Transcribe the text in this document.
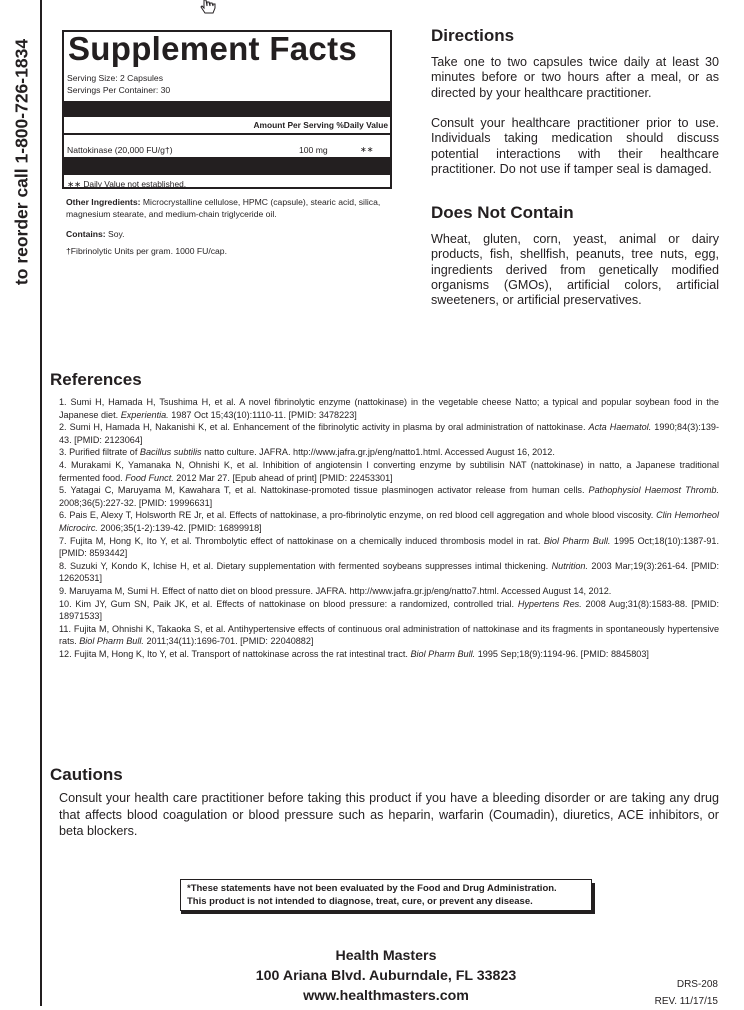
to reorder call 1-800-726-1834 Supplement Facts
Serving Size: 2 Capsules
Servings Per Container: 30
Amount Per Serving %Daily Value
Nattokinase (20,000 FU/g†)	100 mg	∗∗
∗∗ Daily Value not established.
Other Ingredients: Microcrystalline cellulose, HPMC (capsule), stearic acid, silica, magnesium stearate, and medium-chain triglyceride oil.
Contains: Soy.
†Fibrinolytic Units per gram. 1000 FU/cap.
Directions

Take one to two capsules twice daily at least 30 minutes before or two hours after a meal, or as directed by your healthcare practitioner.

Consult your healthcare practitioner prior to use. Individuals taking medication should discuss potential interactions with their healthcare practitioner. Do not use if tamper seal is damaged.

Does Not Contain

Wheat, gluten, corn, yeast, animal or dairy products, fish, shellfish, peanuts, tree nuts, egg, ingredients derived from genetically modified organisms (GMOs), artificial colors, artificial sweeteners, or artificial preservatives.

References

1. Sumi H, Hamada H, Tsushima H, et al. A novel fibrinolytic enzyme (nattokinase) in the vegetable cheese Natto; a typical and popular soybean food in the Japanese diet. Experientia. 1987 Oct 15;43(10):1110-11. [PMID: 3478223]

2. Sumi H, Hamada H, Nakanishi K, et al. Enhancement of the fibrinolytic activity in plasma by oral administration of nattokinase. Acta Haematol. 1990;84(3):139-43. [PMID: 2123064]

3. Purified filtrate of Bacillus subtilis natto culture. JAFRA. http://www.jafra.gr.jp/eng/natto1.html. Accessed August 16, 2012.

4. Murakami K, Yamanaka N, Ohnishi K, et al. Inhibition of angiotensin I converting enzyme by subtilisin NAT (nattokinase) in natto, a Japanese traditional fermented food. Food Funct. 2012 Mar 27. [Epub ahead of print] [PMID: 22453301]

5. Yatagai C, Maruyama M, Kawahara T, et al. Nattokinase-promoted tissue plasminogen activator release from human cells. Pathophysiol Haemost Thromb. 2008;36(5):227-32. [PMID: 19996631]

6. Pais E, Alexy T, Holsworth RE Jr, et al. Effects of nattokinase, a pro-fibrinolytic enzyme, on red blood cell aggregation and whole blood viscosity. Clin Hemorheol Microcirc. 2006;35(1-2):139-42. [PMID: 16899918]

7. Fujita M, Hong K, Ito Y, et al. Thrombolytic effect of nattokinase on a chemically induced thrombosis model in rat. Biol Pharm Bull. 1995 Oct;18(10):1387-91. [PMID: 8593442]

8. Suzuki Y, Kondo K, Ichise H, et al. Dietary supplementation with fermented soybeans suppresses intimal thickening. Nutrition. 2003 Mar;19(3):261-64. [PMID: 12620531]

9. Maruyama M, Sumi H. Effect of natto diet on blood pressure. JAFRA. http://www.jafra.gr.jp/eng/natto7.html. Accessed August 14, 2012.

10. Kim JY, Gum SN, Paik JK, et al. Effects of nattokinase on blood pressure: a randomized, controlled trial. Hypertens Res. 2008 Aug;31(8):1583-88. [PMID: 18971533]

11. Fujita M, Ohnishi K, Takaoka S, et al. Antihypertensive effects of continuous oral administration of nattokinase and its fragments in spontaneously hypertensive rats. Biol Pharm Bull. 2011;34(11):1696-701. [PMID: 22040882]

12. Fujita M, Hong K, Ito Y, et al. Transport of nattokinase across the rat intestinal tract. Biol Pharm Bull. 1995 Sep;18(9):1194-96. [PMID: 8845803]

Cautions

Consult your health care practitioner before taking this product if you have a bleeding disorder or are taking any drug that affects blood coagulation or blood pressure such as heparin, warfarin (Coumadin), diuretics, ACE inhibitors, or beta blockers.

*These statements have not been evaluated by the Food and Drug Administration.
This product is not intended to diagnose, treat, cure, or prevent any disease.
Health Masters
100 Ariana Blvd. Auburndale, FL 33823
www.healthmasters.com
DRS-208
REV. 11/17/15
